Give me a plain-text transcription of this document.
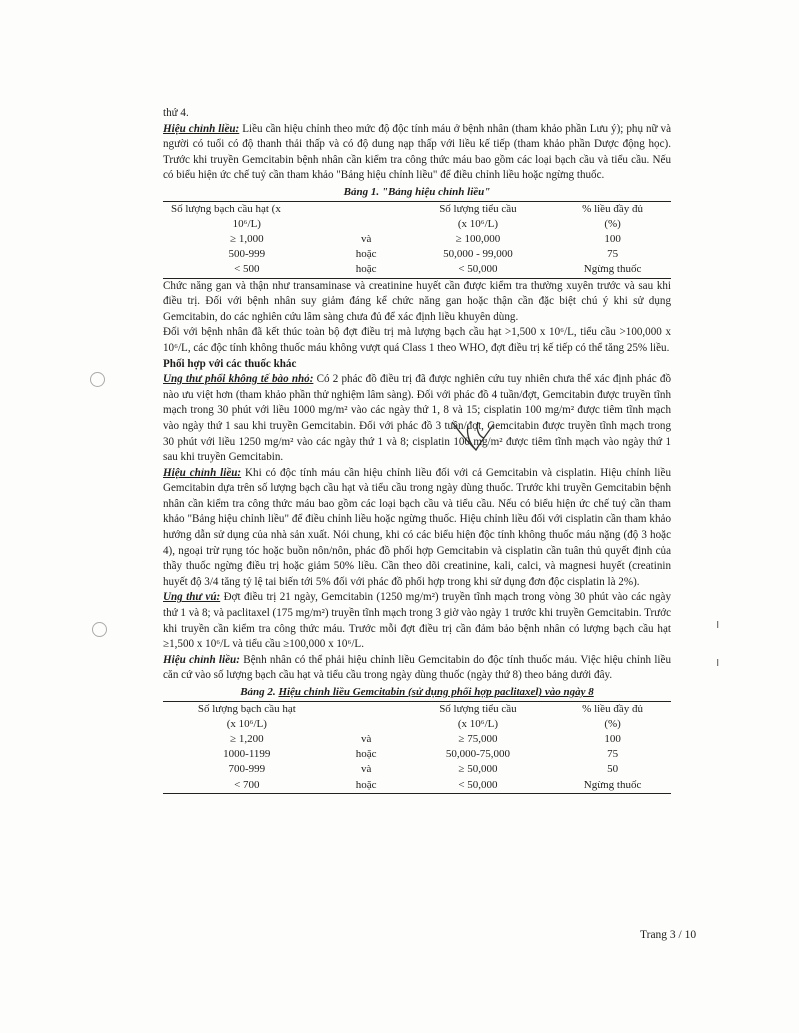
ı
ı

thứ 4.

Hiệu chỉnh liều: Liều cần hiệu chỉnh theo mức độ độc tính máu ở bệnh nhân (tham khảo phần Lưu ý); phụ nữ và người có tuổi có độ thanh thải thấp và có độ dung nạp thấp với liều kế tiếp (tham khảo phần Dược động học). Trước khi truyền Gemcitabin bệnh nhân cần kiểm tra công thức máu bao gồm các loại bạch cầu và tiểu cầu. Nếu có biểu hiện ức chế tuỷ cần tham khảo "Bảng hiệu chỉnh liều" để điều chỉnh liều hoặc ngừng thuốc.

Bảng 1. "Bảng hiệu chỉnh liều"
Số lượng bạch cầu hạt (x		Số lượng tiểu cầu	% liều đầy đủ
10⁶/L)		(x 10⁶/L)	(%)
≥ 1,000	và	≥ 100,000	100
500-999	hoặc	50,000 - 99,000	75
< 500	hoặc	< 50,000	Ngừng thuốc

Chức năng gan và thận như transaminase và creatinine huyết cần được kiểm tra thường xuyên trước và sau khi điều trị. Đối với bệnh nhân suy giảm đáng kể chức năng gan hoặc thận cần đặc biệt chú ý khi sử dụng Gemcitabin, do các nghiên cứu lâm sàng chưa đủ để xác định liều khuyên dùng.

Đối với bệnh nhân đã kết thúc toàn bộ đợt điều trị mà lượng bạch cầu hạt >1,500 x 10⁶/L, tiểu cầu >100,000 x 10⁶/L, các độc tính không thuốc máu không vượt quá Class 1 theo WHO, đợt điều trị kế tiếp có thể tăng 25% liều.

Phối hợp với các thuốc khác

Ung thư phổi không tế bào nhỏ: Có 2 phác đồ điều trị đã được nghiên cứu tuy nhiên chưa thể xác định phác đồ nào ưu việt hơn (tham khảo phần thử nghiệm lâm sàng). Đối với phác đồ 4 tuần/đợt, Gemcitabin được truyền tĩnh mạch trong 30 phút với liều 1000 mg/m² vào các ngày thứ 1, 8 và 15; cisplatin 100 mg/m² được tiêm tĩnh mạch vào ngày thứ 1 sau khi truyền Gemcitabin. Đối với phác đồ 3 tuần/đợt, Gemcitabin được truyền tĩnh mạch trong 30 phút với liều 1250 mg/m² vào các ngày thứ 1 và 8; cisplatin 100 mg/m² được tiêm tĩnh mạch vào ngày thứ 1 sau khi truyền Gemcitabin.

Hiệu chỉnh liều: Khi có độc tính máu cần hiệu chỉnh liều đối với cả Gemcitabin và cisplatin. Hiệu chỉnh liều Gemcitabin dựa trên số lượng bạch cầu hạt và tiểu cầu trong ngày dùng thuốc. Trước khi truyền Gemcitabin bệnh nhân cần kiểm tra công thức máu bao gồm các loại bạch cầu và tiểu cầu. Nếu có biểu hiện ức chế tuỷ cần tham khảo "Bảng hiệu chỉnh liều" để điều chỉnh liều hoặc ngừng thuốc. Hiệu chỉnh liều đối với cisplatin cần tham khảo hướng dẫn sử dụng của nhà sản xuất. Nói chung, khi có các biểu hiện độc tính không thuốc máu nặng (độ 3 hoặc 4), ngoại trừ rụng tóc hoặc buồn nôn/nôn, phác đồ phối hợp Gemcitabin và cisplatin cần tuân thủ quyết định của thầy thuốc ngừng điều trị hoặc giảm 50% liều. Cần theo dõi creatinine, kali, calci, và magnesi huyết (creatinin huyết độ 3/4 tăng tỷ lệ tai biến tới 5% đối với phác đồ phối hợp trong khi sử dụng đơn độc cisplatin là 2%).

Ung thư vú: Đợt điều trị 21 ngày, Gemcitabin (1250 mg/m²) truyền tĩnh mạch trong vòng 30 phút vào các ngày thứ 1 và 8; và paclitaxel (175 mg/m²) truyền tĩnh mạch trong 3 giờ vào ngày 1 trước khi truyền Gemcitabin. Trước khi truyền cần kiểm tra công thức máu. Trước mỗi đợt điều trị cần đảm bảo bệnh nhân có lượng bạch cầu hạt ≥1,500 x 10⁶/L và tiểu cầu ≥100,000 x 10⁶/L.

Hiệu chỉnh liều: Bệnh nhân có thể phải hiệu chỉnh liều Gemcitabin do độc tính thuốc máu. Việc hiệu chỉnh liều căn cứ vào số lượng bạch cầu hạt và tiểu cầu trong ngày dùng thuốc (ngày thứ 8) theo bảng dưới đây.

Bảng 2. Hiệu chỉnh liều Gemcitabin (sử dụng phối hợp paclitaxel) vào ngày 8
Số lượng bạch cầu hạt		Số lượng tiểu cầu	% liều đầy đủ
(x 10⁶/L)		(x 10⁶/L)	(%)
≥ 1,200	và	≥ 75,000	100
1000-1199	hoặc	50,000-75,000	75
700-999	và	≥ 50,000	50
< 700	hoặc	< 50,000	Ngừng thuốc
Trang 3 / 10
